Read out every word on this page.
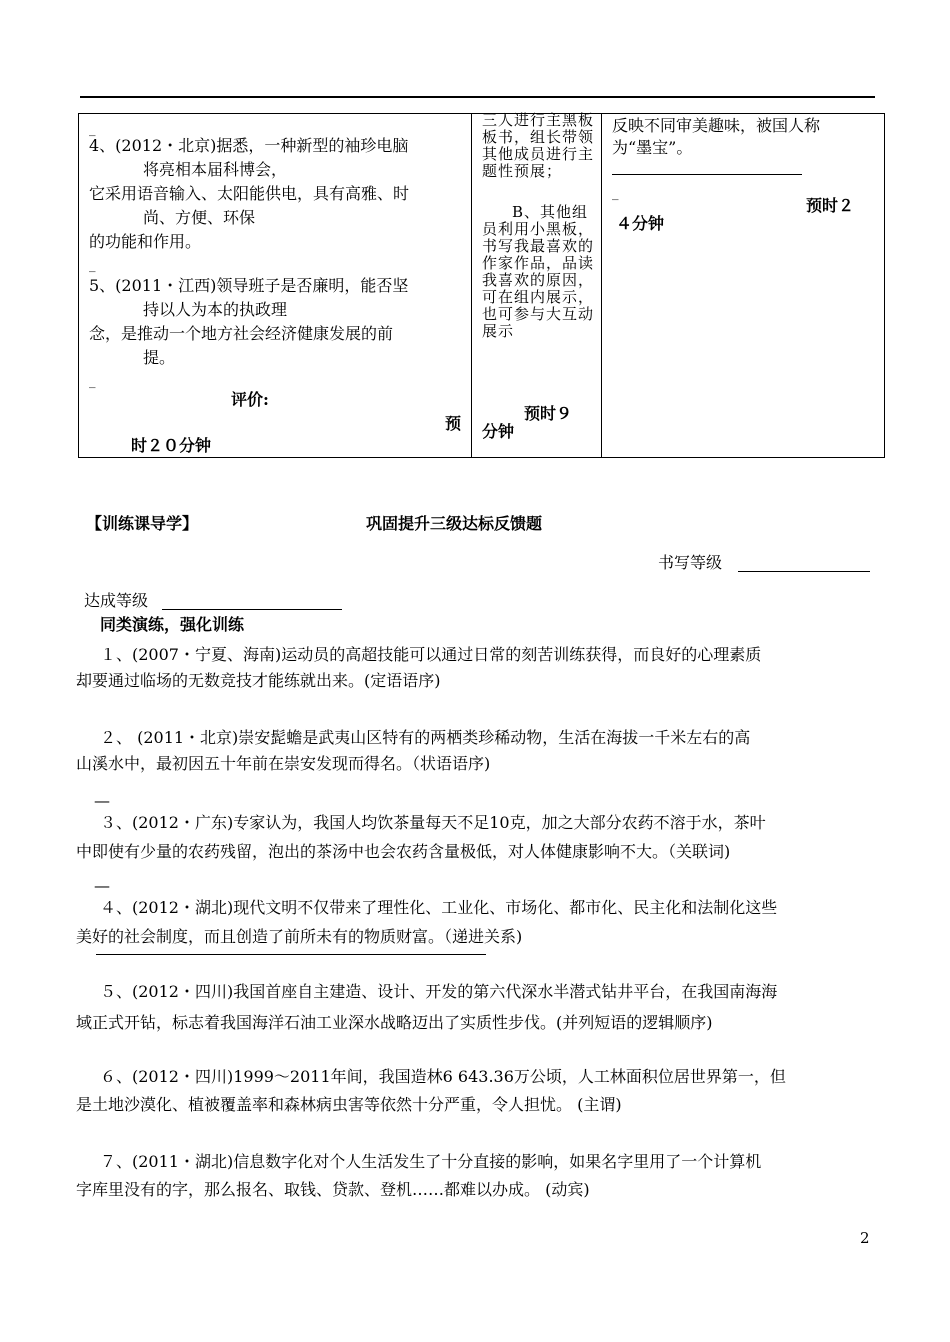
_
4、(2012・北京)据悉，一种新型的袖珍电脑
将亮相本届科博会，
它采用语音输入、太阳能供电，具有高雅、时
尚、方便、环保
的功能和作用。
_
5、(2011・江西)领导班子是否廉明，能否坚
持以人为本的执政理
念，是推动一个地方社会经济健康发展的前
提。
_
评价:
预
时２０分钟

三人进行主黑板板书，组长带领其他成员进行主题性预展；
B、其他组员利用小黑板，书写我最喜欢的作家作品，品读我喜欢的原因，可在组内展示，也可参与大互动展示
预时９
分钟

反映不同审美趣味，被国人称
为“墨宝”。
_
预时２
４分钟
【训练课导学】	巩固提升三级达标反馈题
书写等级
达成等级
同类演练，强化训练
１、(2007・宁夏、海南)运动员的高超技能可以通过日常的刻苦训练获得，而良好的心理素质
却要通过临场的无数竞技才能练就出来。(定语语序)
２、 (2011・北京)崇安髭蟾是武夷山区特有的两栖类珍稀动物，生活在海拔一千米左右的高
山溪水中，最初因五十年前在崇安发现而得名。（状语语序)
—
３、(2012・广东)专家认为，我国人均饮茶量每天不足10克，加之大部分农药不溶于水，茶叶
中即使有少量的农药残留，泡出的茶汤中也会农药含量极低，对人体健康影响不大。（关联词)
—
４、(2012・湖北)现代文明不仅带来了理性化、工业化、市场化、都市化、民主化和法制化这些
美好的社会制度，而且创造了前所未有的物质财富。（递进关系)
５、(2012・四川)我国首座自主建造、设计、开发的第六代深水半潜式钻井平台，在我国南海海
域正式开钻，标志着我国海洋石油工业深水战略迈出了实质性步伐。(并列短语的逻辑顺序)
６、(2012・四川)1999～2011年间，我国造林6 643.36万公顷，人工林面积位居世界第一，但
是土地沙漠化、植被覆盖率和森林病虫害等依然十分严重，令人担忧。 (主谓)
７、(2011・湖北)信息数字化对个人生活发生了十分直接的影响，如果名字里用了一个计算机
字库里没有的字，那么报名、取钱、贷款、登机……都难以办成。 (动宾)
2
